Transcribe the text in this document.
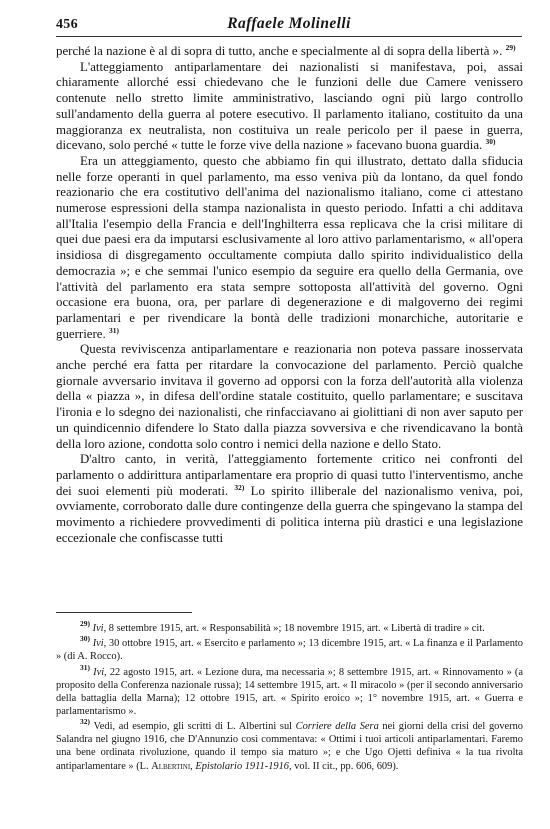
456	Raffaele Molinelli

perché la nazione è al di sopra di tutto, anche e specialmente al di sopra della libertà ». $^{29)}$

L'atteggiamento antiparlamentare dei nazionalisti si manifestava, poi, assai chiaramente allorché essi chiedevano che le funzioni delle due Camere venissero contenute nello stretto limite amministrativo, lasciando ogni più largo controllo sull'andamento della guerra al potere esecutivo. Il parlamento italiano, costituito da una maggioranza ex neutralista, non costituiva un reale pericolo per il paese in guerra, dicevano, solo perché « tutte le forze vive della nazione » facevano buona guardia. $^{30)}$

Era un atteggiamento, questo che abbiamo fin qui illustrato, dettato dalla sfiducia nelle forze operanti in quel parlamento, ma esso veniva più da lontano, da quel fondo reazionario che era costitutivo dell'anima del nazionalismo italiano, come ci attestano numerose espressioni della stampa nazionalista in questo periodo. Infatti a chi additava all'Italia l'esempio della Francia e dell'Inghilterra essa replicava che la crisi militare di quei due paesi era da imputarsi esclusivamente al loro attivo parlamentarismo, « all'opera insidiosa di disgregamento occultamente compiuta dallo spirito individualistico della democrazia »; e che semmai l'unico esempio da seguire era quello della Germania, ove l'attività del parlamento era stata sempre sottoposta all'attività del governo. Ogni occasione era buona, ora, per parlare di degenerazione e di malgoverno dei regimi parlamentari e per rivendicare la bontà delle tradizioni monarchiche, autoritarie e guerriere. $^{31)}$

Questa reviviscenza antiparlamentare e reazionaria non poteva passare inosservata anche perché era fatta per ritardare la convocazione del parlamento. Perciò qualche giornale avversario invitava il governo ad opporsi con la forza dell'autorità alla violenza della « piazza », in difesa dell'ordine statale costituito, quello parlamentare; e suscitava l'ironia e lo sdegno dei nazionalisti, che rinfacciavano ai giolittiani di non aver saputo per un quindicennio difendere lo Stato dalla piazza sovversiva e che rivendicavano la bontà della loro azione, condotta solo contro i nemici della nazione e dello Stato.

D'altro canto, in verità, l'atteggiamento fortemente critico nei confronti del parlamento o addirittura antiparlamentare era proprio di quasi tutto l'interventismo, anche dei suoi elementi più moderati. $^{32)}$ Lo spirito illiberale del nazionalismo veniva, poi, ovviamente, corroborato dalle dure contingenze della guerra che spingevano la stampa del movimento a richiedere provvedimenti di politica interna più drastici e una legislazione eccezionale che confiscasse tutti

$^{29)}$ Ivi, 8 settembre 1915, art. « Responsabilità »; 18 novembre 1915, art. « Libertà di tradire » cit.

$^{30)}$ Ivi, 30 ottobre 1915, art. « Esercito e parlamento »; 13 dicembre 1915, art. « La finanza e il Parlamento » (di A. Rocco).

$^{31)}$ Ivi, 22 agosto 1915, art. « Lezione dura, ma necessaria »; 8 settembre 1915, art. « Rinnovamento » (a proposito della Conferenza nazionale russa); 14 settembre 1915, art. « Il miracolo » (per il secondo anniversario della battaglia della Marna); 12 ottobre 1915, art. « Spirito eroico »; 1° novembre 1915, art. « Guerra e parlamentarismo ».

$^{32)}$ Vedi, ad esempio, gli scritti di L. Albertini sul Corriere della Sera nei giorni della crisi del governo Salandra nel giugno 1916, che D'Annunzio così commentava: « Ottimi i tuoi articoli antiparlamentari. Faremo una bene ordinata rivoluzione, quando il tempo sia maturo »; e che Ugo Ojetti definiva « la tua rivolta antiparlamentare » (L. Albertini, Epistolario 1911-1916, vol. II cit., pp. 606, 609).
